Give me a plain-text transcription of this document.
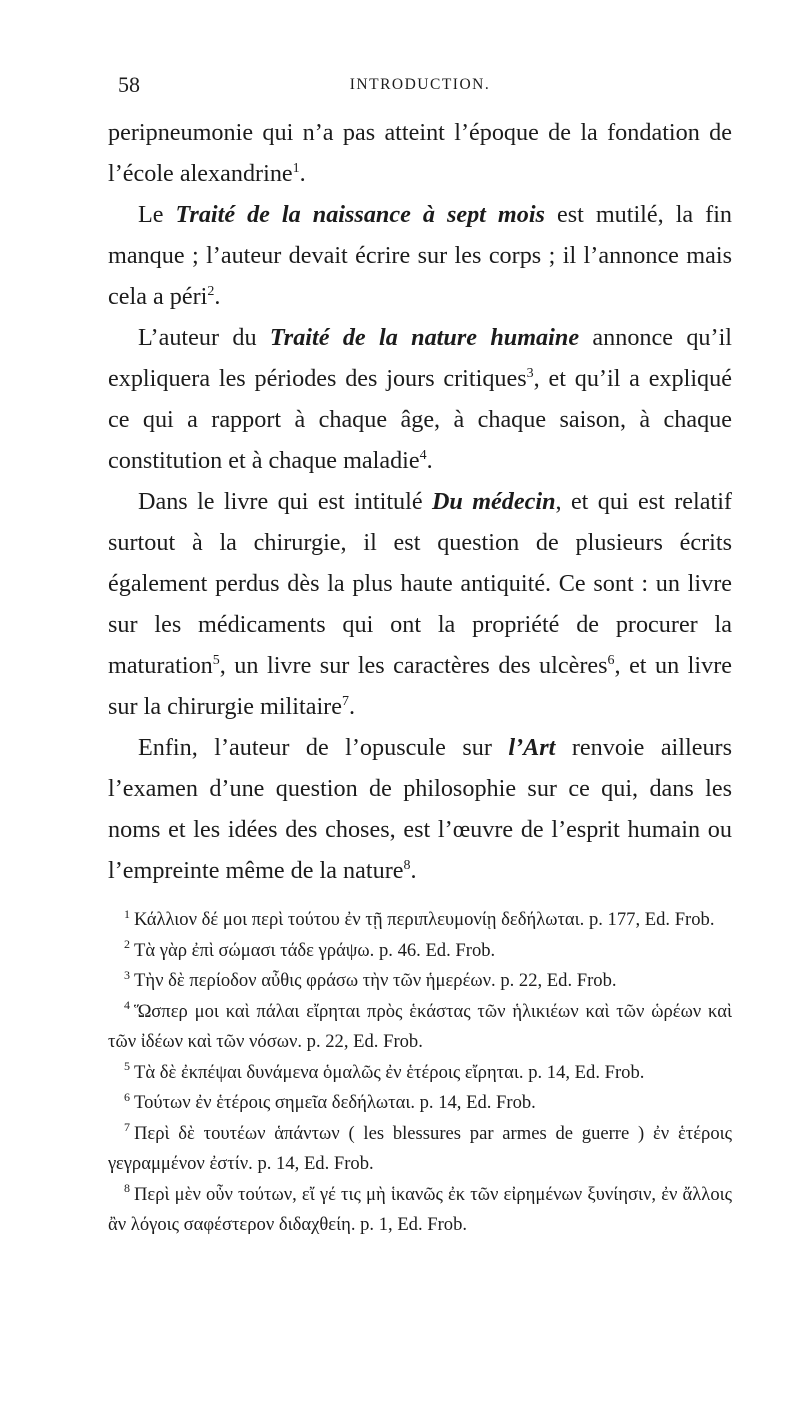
58	INTRODUCTION.

peripneumonie qui n’a pas atteint l’époque de la fondation de l’école alexandrine$^1$.

Le Traité de la naissance à sept mois est mutilé, la fin manque ; l’auteur devait écrire sur les corps ; il l’annonce mais cela a péri$^2$.

L’auteur du Traité de la nature humaine annonce qu’il expliquera les périodes des jours critiques$^3$, et qu’il a expliqué ce qui a rapport à chaque âge, à chaque saison, à chaque constitution et à chaque maladie$^4$.

Dans le livre qui est intitulé Du médecin, et qui est relatif surtout à la chirurgie, il est question de plusieurs écrits également perdus dès la plus haute antiquité. Ce sont : un livre sur les médicaments qui ont la propriété de procurer la maturation$^5$, un livre sur les caractères des ulcères$^6$, et un livre sur la chirurgie militaire$^7$.

Enfin, l’auteur de l’opuscule sur l’Art renvoie ailleurs l’examen d’une question de philosophie sur ce qui, dans les noms et les idées des choses, est l’œuvre de l’esprit humain ou l’empreinte même de la nature$^8$.

$^1$ Κάλλιον δέ μοι περὶ τούτου ἐν τῇ περιπλευμονίῃ δεδήλωται. p. 177, Ed. Frob.

$^2$ Τὰ γὰρ ἐπὶ σώμασι τάδε γράψω. p. 46. Ed. Frob.

$^3$ Τὴν δὲ περίοδον αὖθις φράσω τὴν τῶν ἡμερέων. p. 22, Ed. Frob.

$^4$ Ὥσπερ μοι καὶ πάλαι εἴρηται πρὸς ἑκάστας τῶν ἡλικιέων καὶ τῶν ὡρέων καὶ τῶν ἰδέων καὶ τῶν νόσων. p. 22, Ed. Frob.

$^5$ Τὰ δὲ ἐκπέψαι δυνάμενα ὁμαλῶς ἐν ἑτέροις εἴρηται. p. 14, Ed. Frob.

$^6$ Τούτων ἐν ἑτέροις σημεῖα δεδήλωται. p. 14, Ed. Frob.

$^7$ Περὶ δὲ τουτέων ἁπάντων ( les blessures par armes de guerre ) ἐν ἑτέροις γεγραμμένον ἐστίν. p. 14, Ed. Frob.

$^8$ Περὶ μὲν οὖν τούτων, εἴ γέ τις μὴ ἱκανῶς ἐκ τῶν εἰρημένων ξυνίησιν, ἐν ἄλλοις ἂν λόγοις σαφέστερον διδαχθείη. p. 1, Ed. Frob.
